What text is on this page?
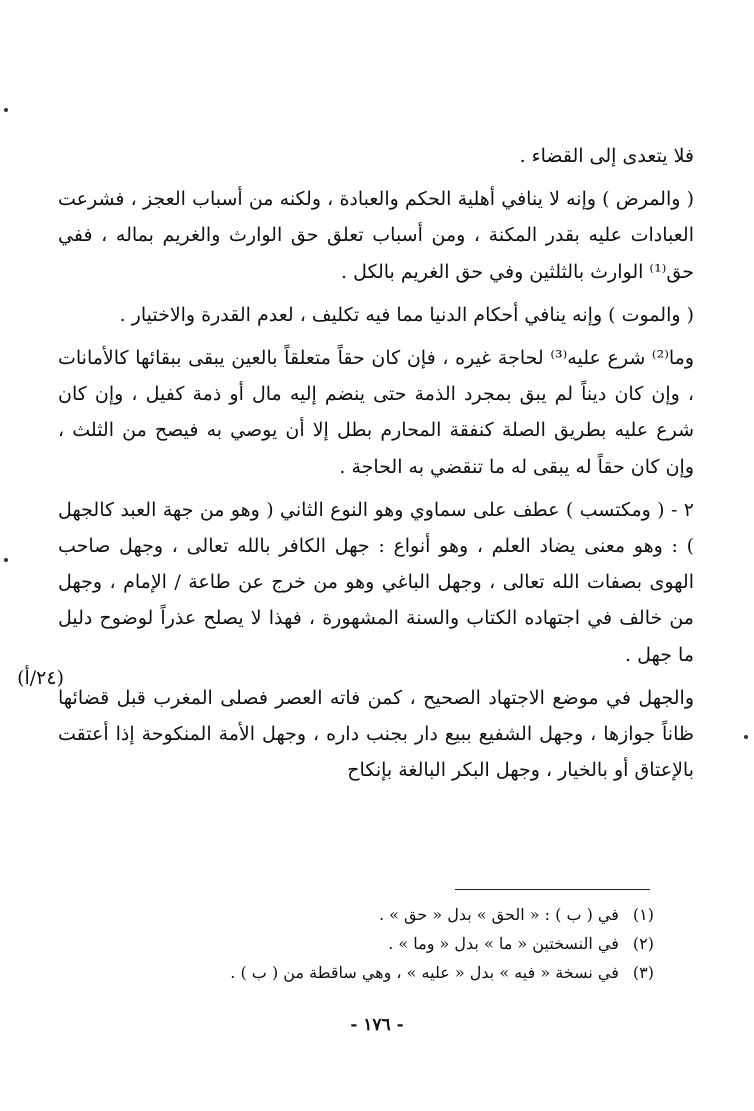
فلا يتعدى إلى القضاء .

( والمرض ) وإنه لا ينافي أهلية الحكم والعبادة ، ولكنه من أسباب العجز ، فشرعت العبادات عليه بقدر المكنة ، ومن أسباب تعلق حق الوارث والغريم بماله ، ففي حق⁽¹⁾ الوارث بالثلثين وفي حق الغريم بالكل .

( والموت ) وإنه ينافي أحكام الدنيا مما فيه تكليف ، لعدم القدرة والاختيار .

وما⁽²⁾ شرع عليه⁽³⁾ لحاجة غيره ، فإن كان حقاً متعلقاً بالعين يبقى ببقائها كالأمانات ، وإن كان ديناً لم يبق بمجرد الذمة حتى ينضم إليه مال أو ذمة كفيل ، وإن كان شرع عليه بطريق الصلة كنفقة المحارم بطل إلا أن يوصي به فيصح من الثلث ، وإن كان حقاً له يبقى له ما تنقضي به الحاجة .

٢ - ( ومكتسب ) عطف على سماوي وهو النوع الثاني ( وهو من جهة العبد كالجهل ) : وهو معنى يضاد العلم ، وهو أنواع : جهل الكافر بالله تعالى ، وجهل صاحب الهوى بصفات الله تعالى ، وجهل الباغي وهو من خرج عن طاعة / الإمام ، وجهل من خالف في اجتهاده الكتاب والسنة المشهورة ، فهذا لا يصلح عذراً لوضوح دليل ما جهل .

والجهل في موضع الاجتهاد الصحيح ، كمن فاته العصر فصلى المغرب قبل قضائها ظاناً جوازها ، وجهل الشفيع ببيع دار بجنب داره ، وجهل الأمة المنكوحة إذا أعتقت بالإعتاق أو بالخيار ، وجهل البكر البالغة بإنكاح

(٢٤/أ)
(١)
في ( ب ) : « الحق » بدل « حق » .
(٢)
في النسختين « ما » بدل « وما » .
(٣)
في نسخة « فيه » بدل « عليه » ، وهي ساقطة من ( ب ) .
- ١٧٦ -
